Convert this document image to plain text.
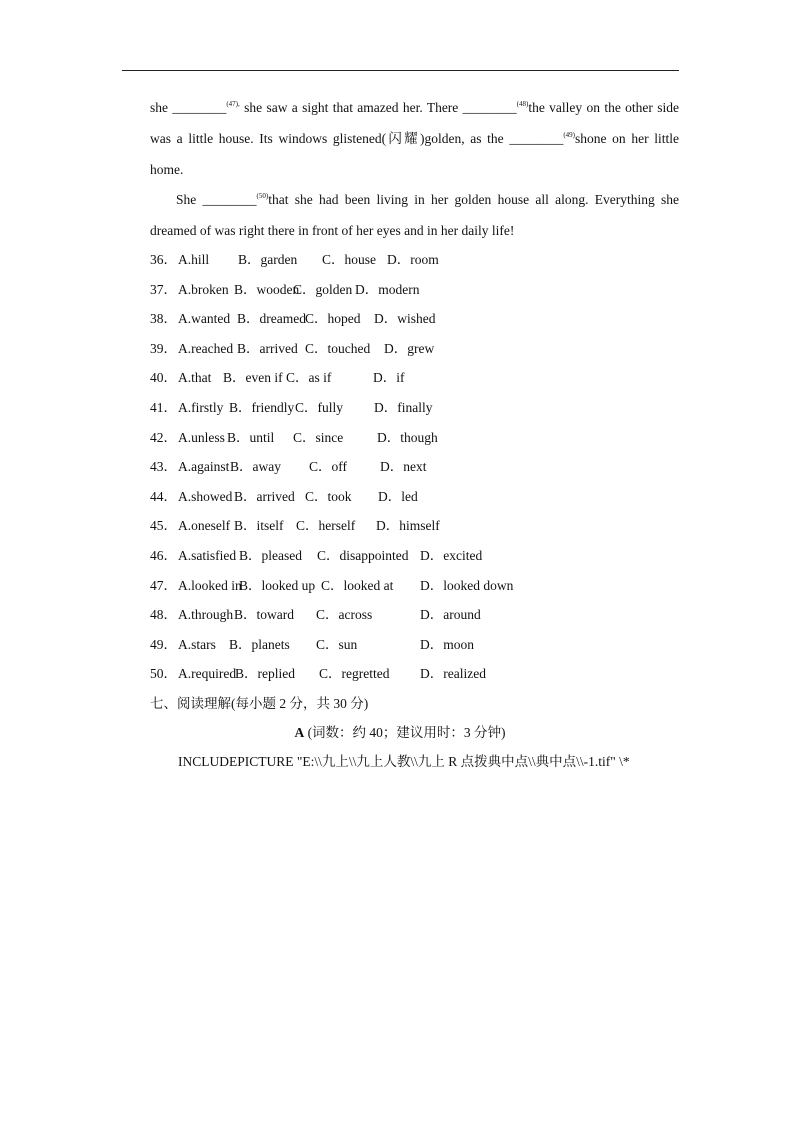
she ________$^{(47),}$ she saw a sight that amazed her. There ________$^{(48)}$the valley on the other side was a little house. Its windows glistened(闪耀)golden, as the ________$^{(49)}$shone on her little home.
She ________$^{(50)}$that she had been living in her golden house all along. Everything she dreamed of was right there in front of her eyes and in her daily life!
36． A.hill B．garden C．house D．room
37． A.broken B．wooden
C．golden D．modern
38． A.wanted B．dreamed C．hoped D．wished
39． A.reached B．arrived C．touched D．grew
40． A.that B．even if C．as if	D．if
41． A.firstly B．friendly C．fully D．finally
42． A.unless B．until C．since	D．though
43． A.against B．away C．off D．next
44． A.showed B．arrived C．took D．led
45． A.oneself B．itself C．herself D．himself
46． A.satisfied B．pleased C．disappointed D．excited
47． A.looked in
B．looked up C．looked at D．looked down
48． A.through B．toward C．across	D．around
49． A.stars B．planets C．sun	D．moon
50． A.required
B．replied C．regretted D．realized
七、阅读理解(每小题 2 分，共 30 分)
A (词数：约 40；建议用时：3 分钟)
INCLUDEPICTURE "E:\\九上\\九上人教\\九上 R 点拨典中点\\典中点\\-1.tif" \*
